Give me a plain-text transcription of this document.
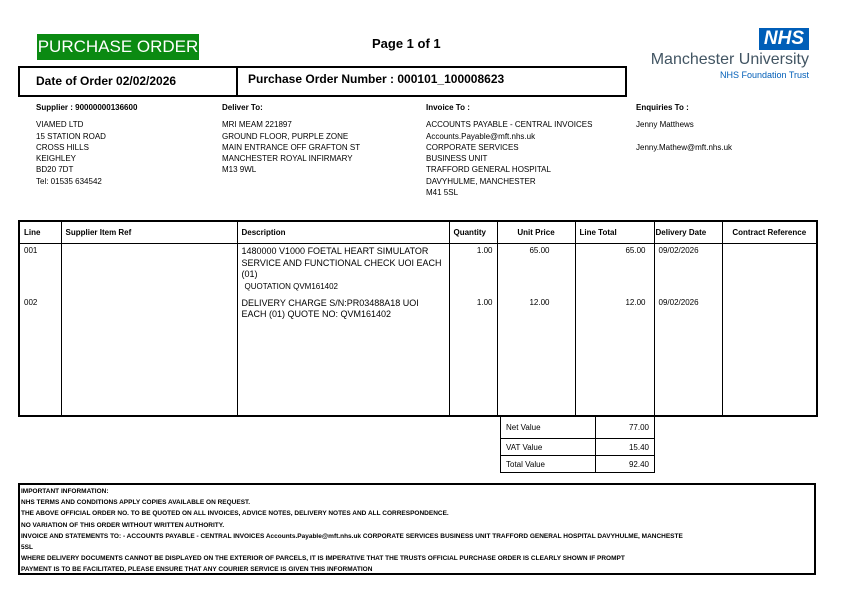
PURCHASE ORDER	Page 1 of 1	NHS
Manchester University
NHS Foundation Trust
Date of Order 02/02/2026	Purchase Order Number : 000101_100008623
Supplier : 90000000136600
VIAMED LTD
15 STATION ROAD
CROSS HILLS
KEIGHLEY
BD20 7DT
Tel: 01535 634542
Deliver To:
MRI MEAM 221897
GROUND FLOOR, PURPLE ZONE
MAIN ENTRANCE OFF GRAFTON ST
MANCHESTER ROYAL INFIRMARY
M13 9WL
Invoice To :
ACCOUNTS PAYABLE - CENTRAL INVOICES
Accounts.Payable@mft.nhs.uk
CORPORATE SERVICES
BUSINESS UNIT
TRAFFORD GENERAL HOSPITAL
DAVYHULME, MANCHESTER
M41 5SL
Enquiries To :
Jenny Matthews
Jenny.Mathew@mft.nhs.uk
Line	Supplier Item Ref	Description	Quantity	Unit Price	Line Total	Delivery Date	Contract Reference
001		1480000 V1000 FOETAL HEART SIMULATOR SERVICE AND FUNCTIONAL CHECK UOI EACH (01)
QUOTATION QVM161402	1.00	65.00	65.00	09/02/2026	
002		DELIVERY CHARGE S/N:PR03488A18 UOI EACH (01) QUOTE NO: QVM161402	1.00	12.00	12.00	09/02/2026	
Net Value	77.00
VAT Value	15.40
Total Value	92.40
IMPORTANT INFORMATION:
NHS TERMS AND CONDITIONS APPLY COPIES AVAILABLE ON REQUEST.
THE ABOVE OFFICIAL ORDER NO. TO BE QUOTED ON ALL INVOICES, ADVICE NOTES, DELIVERY NOTES AND ALL CORRESPONDENCE.
NO VARIATION OF THIS ORDER WITHOUT WRITTEN AUTHORITY.
INVOICE AND STATEMENTS TO: - ACCOUNTS PAYABLE - CENTRAL INVOICES Accounts.Payable@mft.nhs.uk CORPORATE SERVICES BUSINESS UNIT TRAFFORD GENERAL HOSPITAL DAVYHULME, MANCHESTE
5SL
WHERE DELIVERY DOCUMENTS CANNOT BE DISPLAYED ON THE EXTERIOR OF PARCELS, IT IS IMPERATIVE THAT THE TRUSTS OFFICIAL PURCHASE ORDER IS CLEARLY SHOWN IF PROMPT
PAYMENT IS TO BE FACILITATED, PLEASE ENSURE THAT ANY COURIER SERVICE IS GIVEN THIS INFORMATION
